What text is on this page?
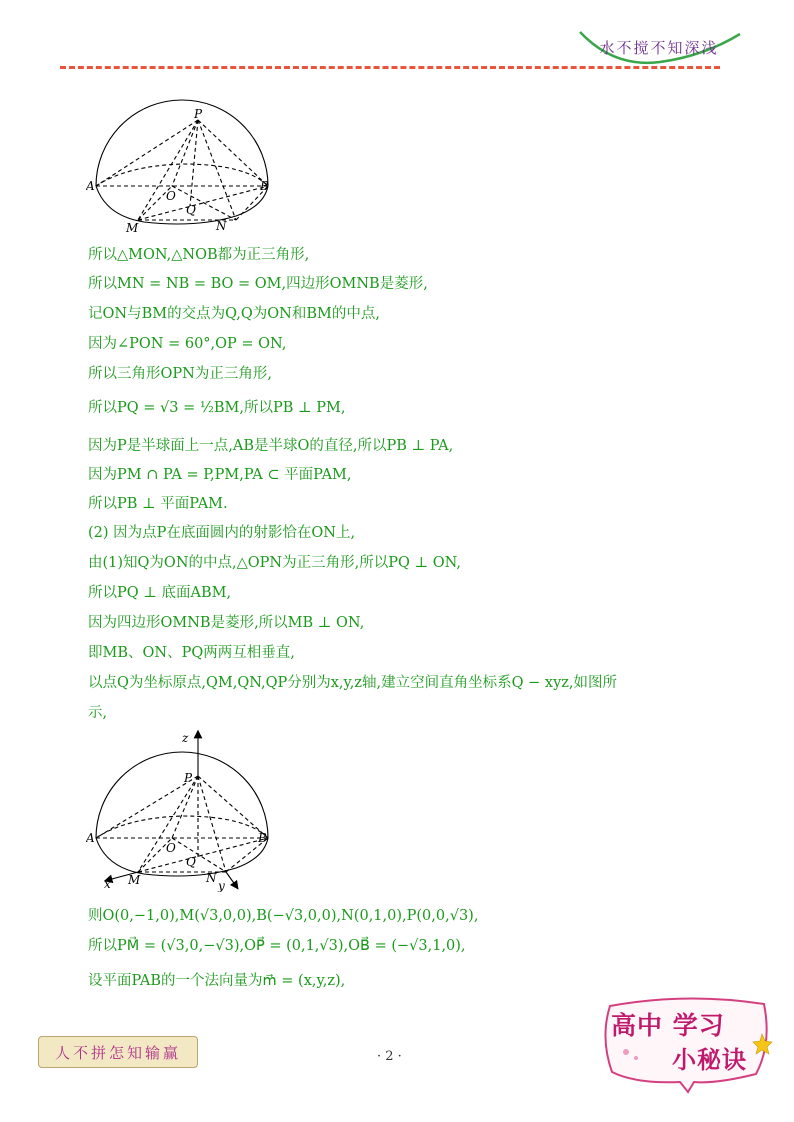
水不搅不知深浅
P
A	B
O
Q
M	N
所以△MON,△NOB都为正三角形,
所以MN = NB = BO = OM,四边形OMNB是菱形,
记ON与BM的交点为Q,Q为ON和BM的中点,
因为∠PON = 60°,OP = ON,
所以三角形OPN为正三角形,
所以PQ = √3 = ½BM,所以PB ⊥ PM,
因为P是半球面上一点,AB是半球O的直径,所以PB ⊥ PA,
因为PM ∩ PA = P,PM,PA ⊂ 平面PAM,
所以PB ⊥ 平面PAM.
(2) 因为点P在底面圆内的射影恰在ON上,
由(1)知Q为ON的中点,△OPN为正三角形,所以PQ ⊥ ON,
所以PQ ⊥ 底面ABM,
因为四边形OMNB是菱形,所以MB ⊥ ON,
即MB、ON、PQ两两互相垂直,
以点Q为坐标原点,QM,QN,QP分别为x,y,z轴,建立空间直角坐标系Q − xyz,如图所
示,
z
P
A	B
O
Q
M	N
x	y
则O(0,−1,0),M(√3,0,0),B(−√3,0,0),N(0,1,0),P(0,0,√3),
所以PM⃗ = (√3,0,−√3),OP⃗ = (0,1,√3),OB⃗ = (−√3,1,0),
设平面PAB的一个法向量为m⃗ = (x,y,z),
人不拼怎知输赢	· 2 ·
高中 学习
小秘诀
